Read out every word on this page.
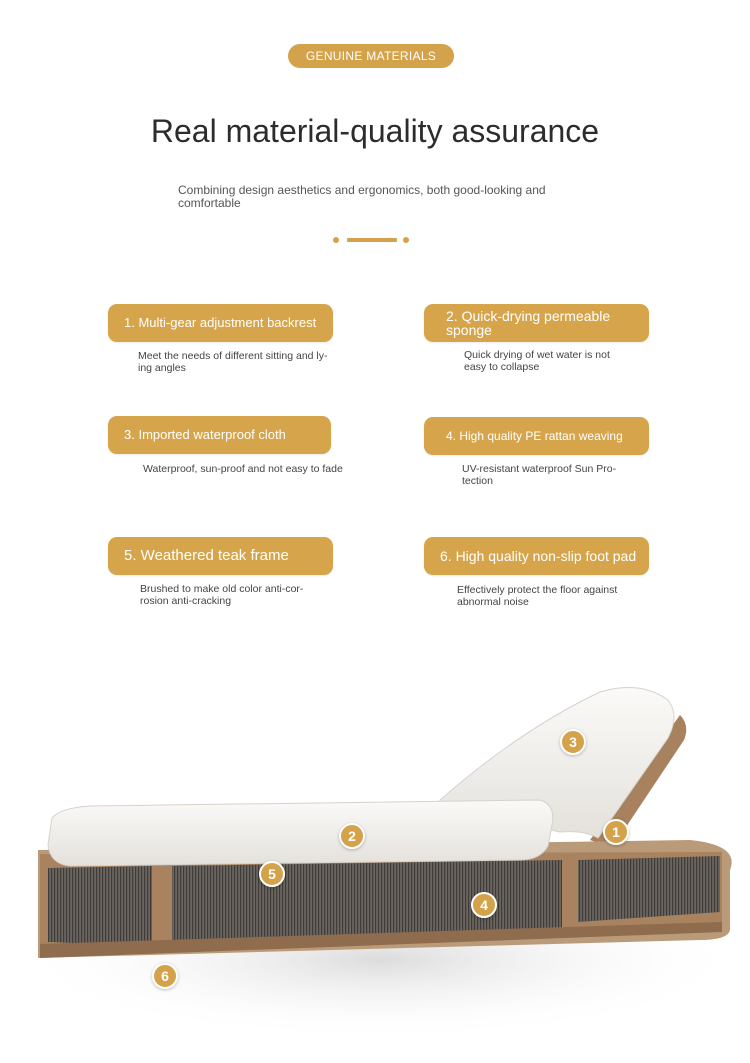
GENUINE MATERIALS
Real material-quality assurance
Combining design aesthetics and ergonomics, both good-looking and comfortable
1. Multi-gear adjustment backrest
Meet the needs of different sitting and ly-ing angles
2. Quick-drying permeable sponge
Quick drying of wet water is not easy to collapse
3. Imported waterproof cloth
Waterproof, sun-proof and not easy to fade
4. High quality PE rattan weaving
UV-resistant waterproof Sun Pro-tection
5. Weathered teak frame
Brushed to make old color anti-cor-rosion anti-cracking
6. High quality non-slip foot pad
Effectively protect the floor against abnormal noise
1
2
3
4
5
6
